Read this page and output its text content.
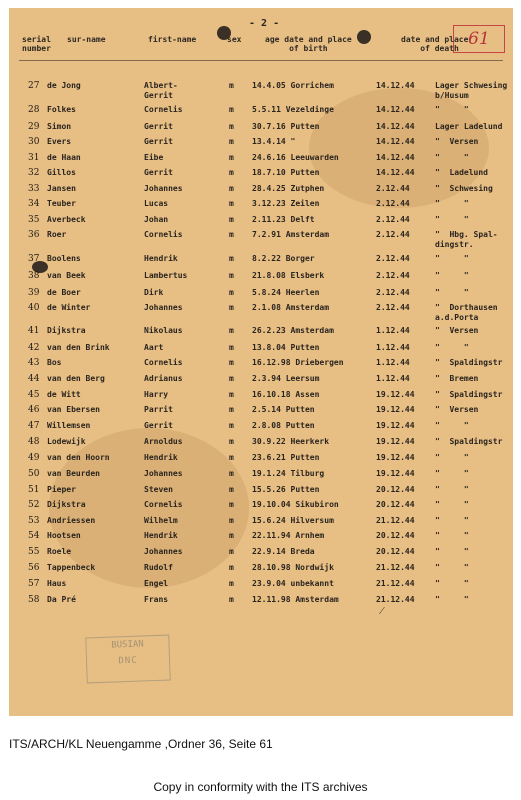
- 2 -
61
serial
number
sur-name	first-name	sex	age date and place
of birth
date and place
of death
27 de Jong	Albert-
Gerrit
m 14.4.05 Gorrichem	14.12.44	Lager Schwesing
b/Husum
28 Folkes	Cornelis	m 5.5.11 Vezeldinge	14.12.44	"     "
29 Simon	Gerrit	m 30.7.16 Putten	14.12.44	Lager Ladelund
30 Evers	Gerrit	m 13.4.14 "	14.12.44	"  Versen
31 de Haan	Eibe	m 24.6.16 Leeuwarden	14.12.44	"     "
32 Gillos	Gerrit	m 18.7.10 Putten	14.12.44	"  Ladelund
33 Jansen	Johannes	m 28.4.25 Zutphen	2.12.44	"  Schwesing
34 Teuber	Lucas	m 3.12.23 Zeilen	2.12.44	"     "
35 Averbeck	Johan	m 2.11.23 Delft	2.12.44	"     "
36 Roer	Cornelis	m 7.2.91 Amsterdam	2.12.44	"  Hbg. Spal-
dingstr.
37 Boolens	Hendrik	m 8.2.22 Borger	2.12.44	"     "
38 van Beek	Lambertus	m 21.8.08 Elsberk	2.12.44	"     "
39 de Boer	Dirk	m 5.8.24 Heerlen	2.12.44	"     "
40 de Winter	Johannes	m 2.1.08 Amsterdam	2.12.44	"  Dorthausen
a.d.Porta
41 Dijkstra	Nikolaus	m 26.2.23 Amsterdam	1.12.44	"  Versen
42 van den Brink	Aart	m 13.8.04 Putten	1.12.44	"     "
43 Bos	Cornelis	m 16.12.98 Driebergen	1.12.44	"  Spaldingstr
44 van den Berg	Adrianus	m 2.3.94 Leersum	1.12.44	"  Bremen
45 de Witt	Harry	m 16.10.18 Assen	19.12.44	"  Spaldingstr
46 van Ebersen	Parrit	m 2.5.14 Putten	19.12.44	"  Versen
47 Willemsen	Gerrit	m 2.8.08 Putten	19.12.44	"     "
48 Lodewijk	Arnoldus	m 30.9.22 Heerkerk	19.12.44	"  Spaldingstr
49 van den Hoorn	Hendrik	m 23.6.21 Putten	19.12.44	"     "
50 van Beurden	Johannes	m 19.1.24 Tilburg	19.12.44	"     "
51 Pieper	Steven	m 15.5.26 Putten	20.12.44	"     "
52 Dijkstra	Cornelis	m 19.10.04 Sikubiron	20.12.44	"     "
53 Andriessen	Wilhelm	m 15.6.24 Hilversum	21.12.44	"     "
54 Hootsen	Hendrik	m 22.11.94 Arnhem	20.12.44	"     "
55 Roele	Johannes	m 22.9.14 Breda	20.12.44	"     "
56 Tappenbeck	Rudolf	m 28.10.98 Nordwijk	21.12.44	"     "
57 Haus	Engel	m 23.9.04 unbekannt	21.12.44	"     "
58 Da Pré	Frans	m 12.11.98 Amsterdam	21.12.44	"     "
⁄
BUSIAN
DNC
ITS/ARCH/KL Neuengamme ,Ordner 36, Seite 61
Copy in conformity with the ITS archives
